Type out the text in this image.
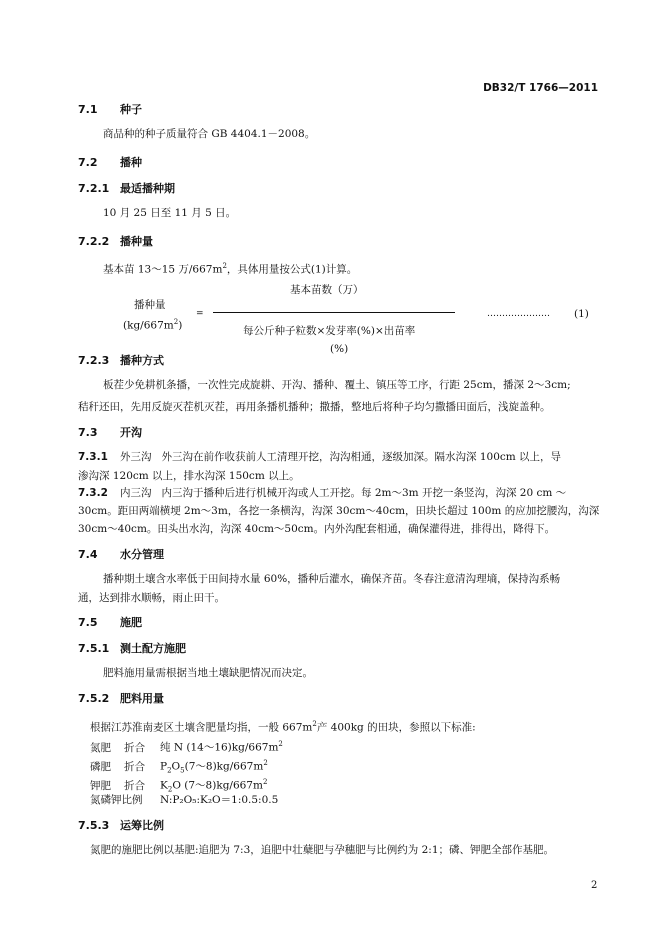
DB32/T 1766—2011
7.1 种子
商品种的种子质量符合 GB 4404.1－2008。
7.2 播种
7.2.1 最适播种期
10 月 25 日至 11 月 5 日。
7.2.2 播种量
基本苗 13～15 万$/667m^2$，具体用量按公式(1)计算。
播种量
$(kg/667m^2)$
=
基本苗数（万）
每公斤种子粒数×发芽率(%)×出苗率
(%)
………………… (1)
7.2.3 播种方式
板茬少免耕机条播，一次性完成旋耕、开沟、播种、覆土、镇压等工序，行距 25cm，播深 2～3cm;
秸秆还田，先用反旋灭茬机灭茬，再用条播机播种；撒播，整地后将种子均匀撒播田面后，浅旋盖种。
7.3 开沟
7.3.1 外三沟 外三沟在前作收获前人工清理开挖，沟沟相通，逐级加深。隔水沟深 100cm 以上，导
渗沟深 120cm 以上，排水沟深 150cm 以上。
7.3.2 内三沟 内三沟于播种后进行机械开沟或人工开挖。每 2m～3m 开挖一条竖沟，沟深 20 cm ～
30cm。距田两端横埂 2m～3m，各挖一条横沟，沟深 30cm～40cm，田块长超过 100m 的应加挖腰沟，沟深
30cm～40cm。田头出水沟，沟深 40cm～50cm。内外沟配套相通，确保灌得进，排得出，降得下。
7.4 水分管理
播种期土壤含水率低于田间持水量 60%，播种后灌水，确保齐苗。冬春注意清沟理墒，保持沟系畅
通，达到排水顺畅，雨止田干。
7.5 施肥
7.5.1 测土配方施肥
肥料施用量需根据当地土壤缺肥情况而决定。
7.5.2 肥料用量
根据江苏淮南麦区土壤含肥量均指，一般 $667m^2$产 400kg 的田块，参照以下标准:
氮肥 折合 纯 N $(14\sim 16)kg/667m^2$
磷肥 折合 $P_2O_5(7\sim 8)kg/667m^2$
钾肥 折合 $K_2O$ $(7\sim 8)kg/667m^2$
氮磷钾比例 N:P₂O₅:K₂O＝1:0.5:0.5
7.5.3 运筹比例
氮肥的施肥比例以基肥:追肥为 7:3，追肥中壮蘖肥与孕穗肥与比例约为 2:1；磷、钾肥全部作基肥。
2
